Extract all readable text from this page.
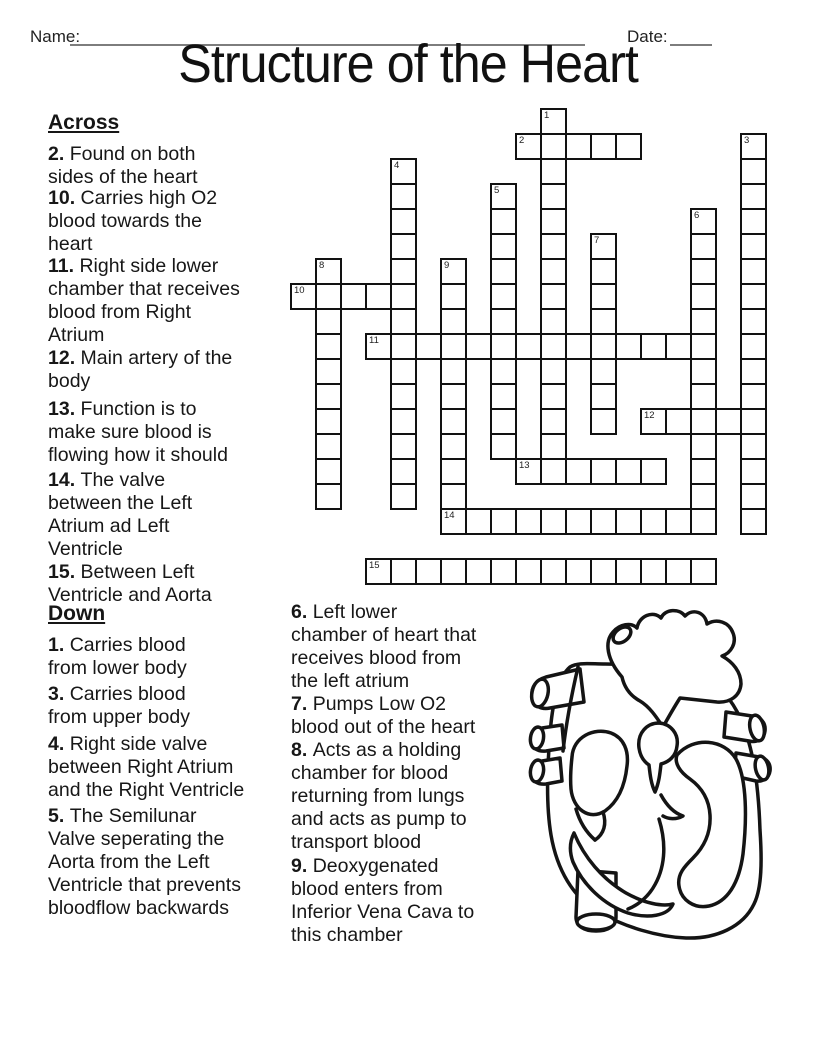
Name:	Date:
Structure of the Heart
Across
Down
2. Found on both
sides of the heart
10. Carries high O2
blood towards the
heart
11. Right side lower
chamber that receives
blood from Right
Atrium
12. Main artery of the
body
13. Function is to
make sure blood is
flowing how it should
14. The valve
between the Left
Atrium ad Left
Ventricle
15. Between Left
Ventricle and Aorta
1. Carries blood
from lower body
3. Carries blood
from upper body
4. Right side valve
between Right Atrium
and the Right Ventricle
5. The Semilunar
Valve seperating the
Aorta from the Left
Ventricle that prevents
bloodflow backwards
6. Left lower
chamber of heart that
receives blood from
the left atrium
7. Pumps Low O2
blood out of the heart
8. Acts as a holding
chamber for blood
returning from lungs
and acts as pump to
transport blood
9. Deoxygenated
blood enters from
Inferior Vena Cava to
this chamber
1
2	3
4
5
6
7
8	9
14
10
11
12
13
15
